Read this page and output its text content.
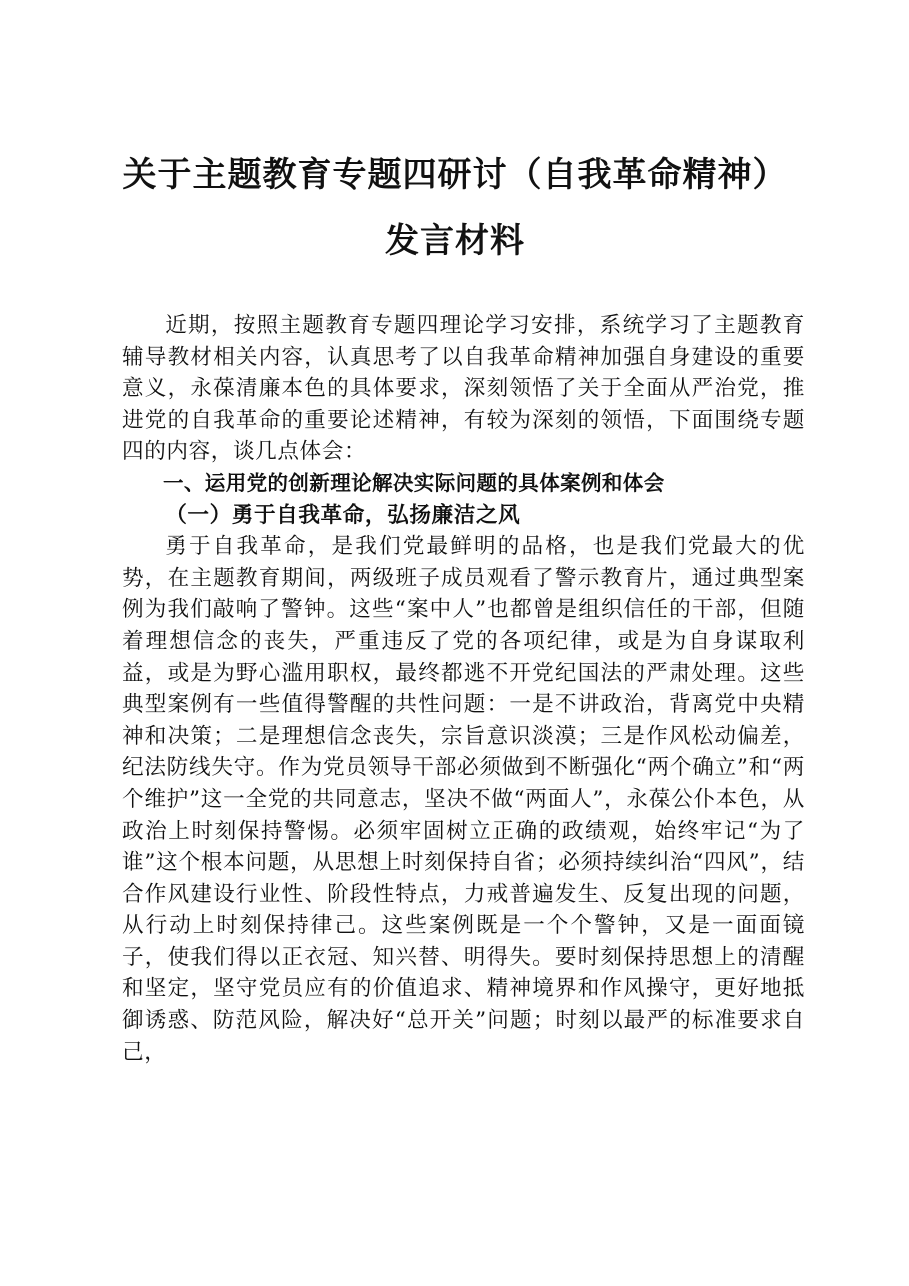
关于主题教育专题四研讨（自我革命精神）发言材料

近期，按照主题教育专题四理论学习安排，系统学习了主题教育辅导教材相关内容，认真思考了以自我革命精神加强自身建设的重要意义，永葆清廉本色的具体要求，深刻领悟了关于全面从严治党，推进党的自我革命的重要论述精神，有较为深刻的领悟，下面围绕专题四的内容，谈几点体会：

一、运用党的创新理论解决实际问题的具体案例和体会

（一）勇于自我革命，弘扬廉洁之风

勇于自我革命，是我们党最鲜明的品格，也是我们党最大的优势，在主题教育期间，两级班子成员观看了警示教育片，通过典型案例为我们敲响了警钟。这些“案中人”也都曾是组织信任的干部，但随着理想信念的丧失，严重违反了党的各项纪律，或是为自身谋取利益，或是为野心滥用职权，最终都逃不开党纪国法的严肃处理。这些典型案例有一些值得警醒的共性问题：一是不讲政治，背离党中央精神和决策；二是理想信念丧失，宗旨意识淡漠；三是作风松动偏差，纪法防线失守。作为党员领导干部必须做到不断强化“两个确立”和“两个维护”这一全党的共同意志，坚决不做“两面人”，永葆公仆本色，从政治上时刻保持警惕。必须牢固树立正确的政绩观，始终牢记“为了谁”这个根本问题，从思想上时刻保持自省；必须持续纠治“四风”，结合作风建设行业性、阶段性特点，力戒普遍发生、反复出现的问题，从行动上时刻保持律己。这些案例既是一个个警钟，又是一面面镜子，使我们得以正衣冠、知兴替、明得失。要时刻保持思想上的清醒和坚定，坚守党员应有的价值追求、精神境界和作风操守，更好地抵御诱惑、防范风险，解决好“总开关”问题；时刻以最严的标准要求自己，
